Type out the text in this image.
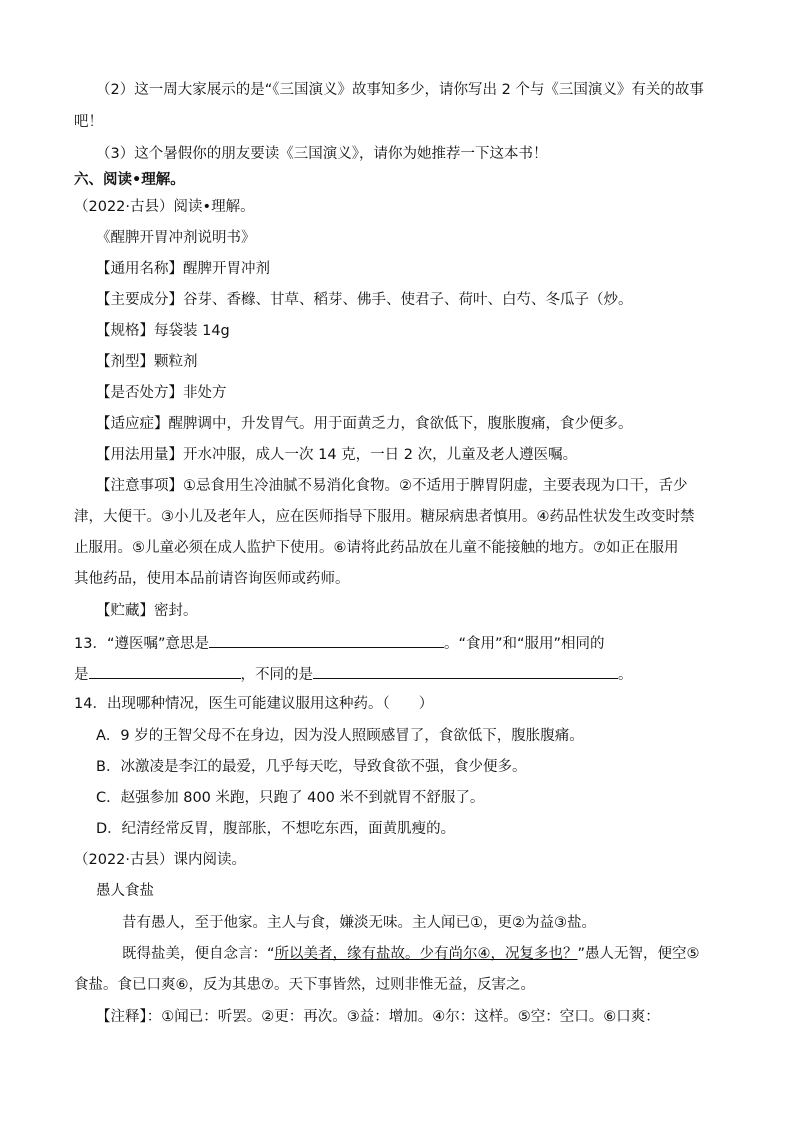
（2）这一周大家展示的是“《三国演义》故事知多少，请你写出 2 个与《三国演义》有关的故事
吧！
（3）这个暑假你的朋友要读《三国演义》，请你为她推荐一下这本书！
六、阅读•理解。
（2022·古县）阅读•理解。
《醒脾开胃冲剂说明书》
【通用名称】醒脾开胃冲剂
【主要成分】谷芽、香橼、甘草、稻芽、佛手、使君子、荷叶、白芍、冬瓜子（炒。
【规格】每袋装 14g
【剂型】颗粒剂
【是否处方】非处方
【适应症】醒脾调中，升发胃气。用于面黄乏力，食欲低下，腹胀腹痛，食少便多。
【用法用量】开水冲服，成人一次 14 克，一日 2 次，儿童及老人遵医嘱。
【注意事项】①忌食用生冷油腻不易消化食物。②不适用于脾胃阴虚，主要表现为口干，舌少
津，大便干。③小儿及老年人，应在医师指导下服用。糖尿病患者慎用。④药品性状发生改变时禁
止服用。⑤儿童必须在成人监护下使用。⑥请将此药品放在儿童不能接触的地方。⑦如正在服用
其他药品，使用本品前请咨询医师或药师。
【贮藏】密封。
13．“遵医嘱”意思是	。“食用”和“服用”相同的
是	，不同的是	。
14．出现哪种情况，医生可能建议服用这种药。（　　）
A．9 岁的王智父母不在身边，因为没人照顾感冒了，食欲低下，腹胀腹痛。
B．冰激凌是李江的最爱，几乎每天吃，导致食欲不强，食少便多。
C．赵强参加 800 米跑，只跑了 400 米不到就胃不舒服了。
D．纪清经常反胃，腹部胀，不想吃东西，面黄肌瘦的。
（2022·古县）课内阅读。
愚人食盐
昔有愚人，至于他家。主人与食，嫌淡无味。主人闻已①，更②为益③盐。
既得盐美，便自念言：“所以美者，缘有盐故。少有尚尔④，况复多也？”愚人无智，便空⑤
食盐。食已口爽⑥，反为其患⑦。天下事皆然，过则非惟无益，反害之。
【注释】：①闻已：听罢。②更：再次。③益：增加。④尔：这样。⑤空：空口。⑥口爽：
